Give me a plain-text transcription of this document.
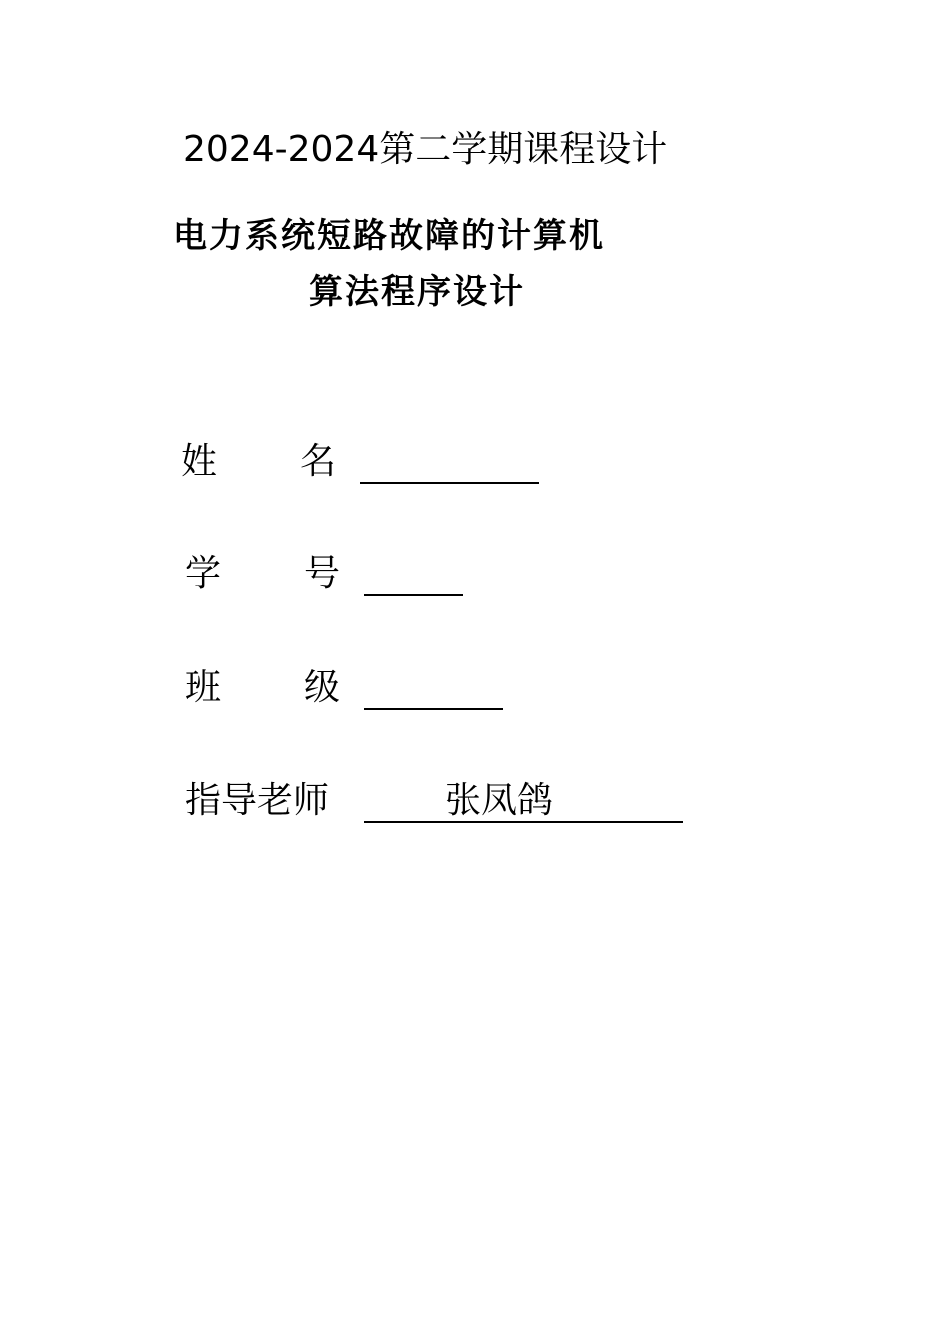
2024-2024第二学期课程设计
电力系统短路故障的计算机
算法程序设计
姓 名
学 号
班 级
指导老师	张凤鸽
